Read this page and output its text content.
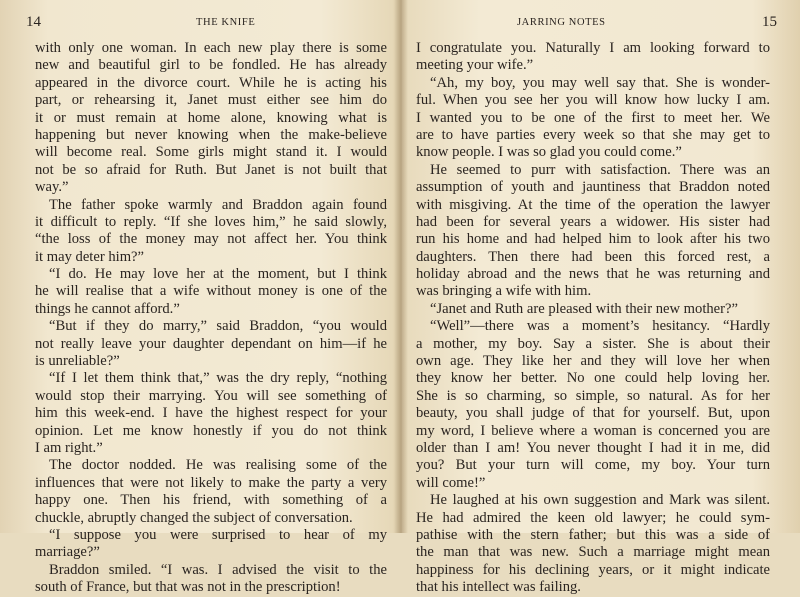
14	THE KNIFE
with only one woman. In each new play there is some
new and beautiful girl to be fondled. He has already
appeared in the divorce court. While he is acting his
part, or rehearsing it, Janet must either see him do
it or must remain at home alone, knowing what is
happening but never knowing when the make-believe
will become real. Some girls might stand it. I would
not be so afraid for Ruth. But Janet is not built that
way.”
The father spoke warmly and Braddon again found
it difficult to reply. “If she loves him,” he said slowly,
“the loss of the money may not affect her. You think
it may deter him?”
“I do. He may love her at the moment, but I think
he will realise that a wife without money is one of the
things he cannot afford.”
“But if they do marry,” said Braddon, “you would
not really leave your daughter dependant on him—if he
is unreliable?”
“If I let them think that,” was the dry reply, “nothing
would stop their marrying. You will see something of
him this week-end. I have the highest respect for your
opinion. Let me know honestly if you do not think
I am right.”
The doctor nodded. He was realising some of the
influences that were not likely to make the party a very
happy one. Then his friend, with something of a
chuckle, abruptly changed the subject of conversation.
“I suppose you were surprised to hear of my
marriage?”
Braddon smiled. “I was. I advised the visit to the
south of France, but that was not in the prescription!
JARRING NOTES	15
I congratulate you. Naturally I am looking forward to
meeting your wife.”
“Ah, my boy, you may well say that. She is wonder-
ful. When you see her you will know how lucky I am.
I wanted you to be one of the first to meet her. We
are to have parties every week so that she may get to
know people. I was so glad you could come.”
He seemed to purr with satisfaction. There was an
assumption of youth and jauntiness that Braddon noted
with misgiving. At the time of the operation the lawyer
had been for several years a widower. His sister had
run his home and had helped him to look after his two
daughters. Then there had been this forced rest, a
holiday abroad and the news that he was returning and
was bringing a wife with him.
“Janet and Ruth are pleased with their new mother?”
“Well”—there was a moment’s hesitancy. “Hardly
a mother, my boy. Say a sister. She is about their
own age. They like her and they will love her when
they know her better. No one could help loving her.
She is so charming, so simple, so natural. As for her
beauty, you shall judge of that for yourself. But, upon
my word, I believe where a woman is concerned you are
older than I am! You never thought I had it in me, did
you? But your turn will come, my boy. Your turn
will come!”
He laughed at his own suggestion and Mark was silent.
He had admired the keen old lawyer; he could sym-
pathise with the stern father; but this was a side of
the man that was new. Such a marriage might mean
happiness for his declining years, or it might indicate
that his intellect was failing.
